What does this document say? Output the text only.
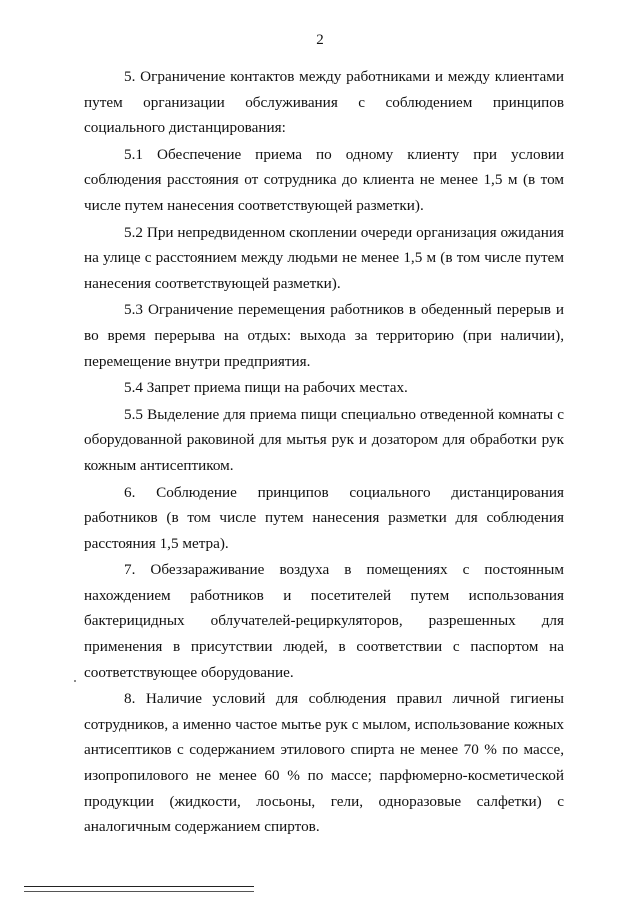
2

5. Ограничение контактов между работниками и между клиентами путем организации обслуживания с соблюдением принципов социального дистанцирования:

5.1 Обеспечение приема по одному клиенту при условии соблюдения расстояния от сотрудника до клиента не менее 1,5 м (в том числе путем нанесения соответствующей разметки).

5.2 При непредвиденном скоплении очереди организация ожидания на улице с расстоянием между людьми не менее 1,5 м (в том числе путем нанесения соответствующей разметки).

5.3 Ограничение перемещения работников в обеденный перерыв и во время перерыва на отдых: выхода за территорию (при наличии), перемещение внутри предприятия.

5.4 Запрет приема пищи на рабочих местах.

5.5 Выделение для приема пищи специально отведенной комнаты с оборудованной раковиной для мытья рук и дозатором для обработки рук кожным антисептиком.

6. Соблюдение принципов социального дистанцирования работников (в том числе путем нанесения разметки для соблюдения расстояния 1,5 метра).

7. Обеззараживание воздуха в помещениях с постоянным нахождением работников и посетителей путем использования бактерицидных облучателей-рециркуляторов, разрешенных для применения в присутствии людей, в соответствии с паспортом на соответствующее оборудование.

8. Наличие условий для соблюдения правил личной гигиены сотрудников, а именно частое мытье рук с мылом, использование кожных антисептиков с содержанием этилового спирта не менее 70 % по массе, изопропилового не менее 60 % по массе; парфюмерно-косметической продукции (жидкости, лосьоны, гели, одноразовые салфетки) с аналогичным содержанием спиртов.
